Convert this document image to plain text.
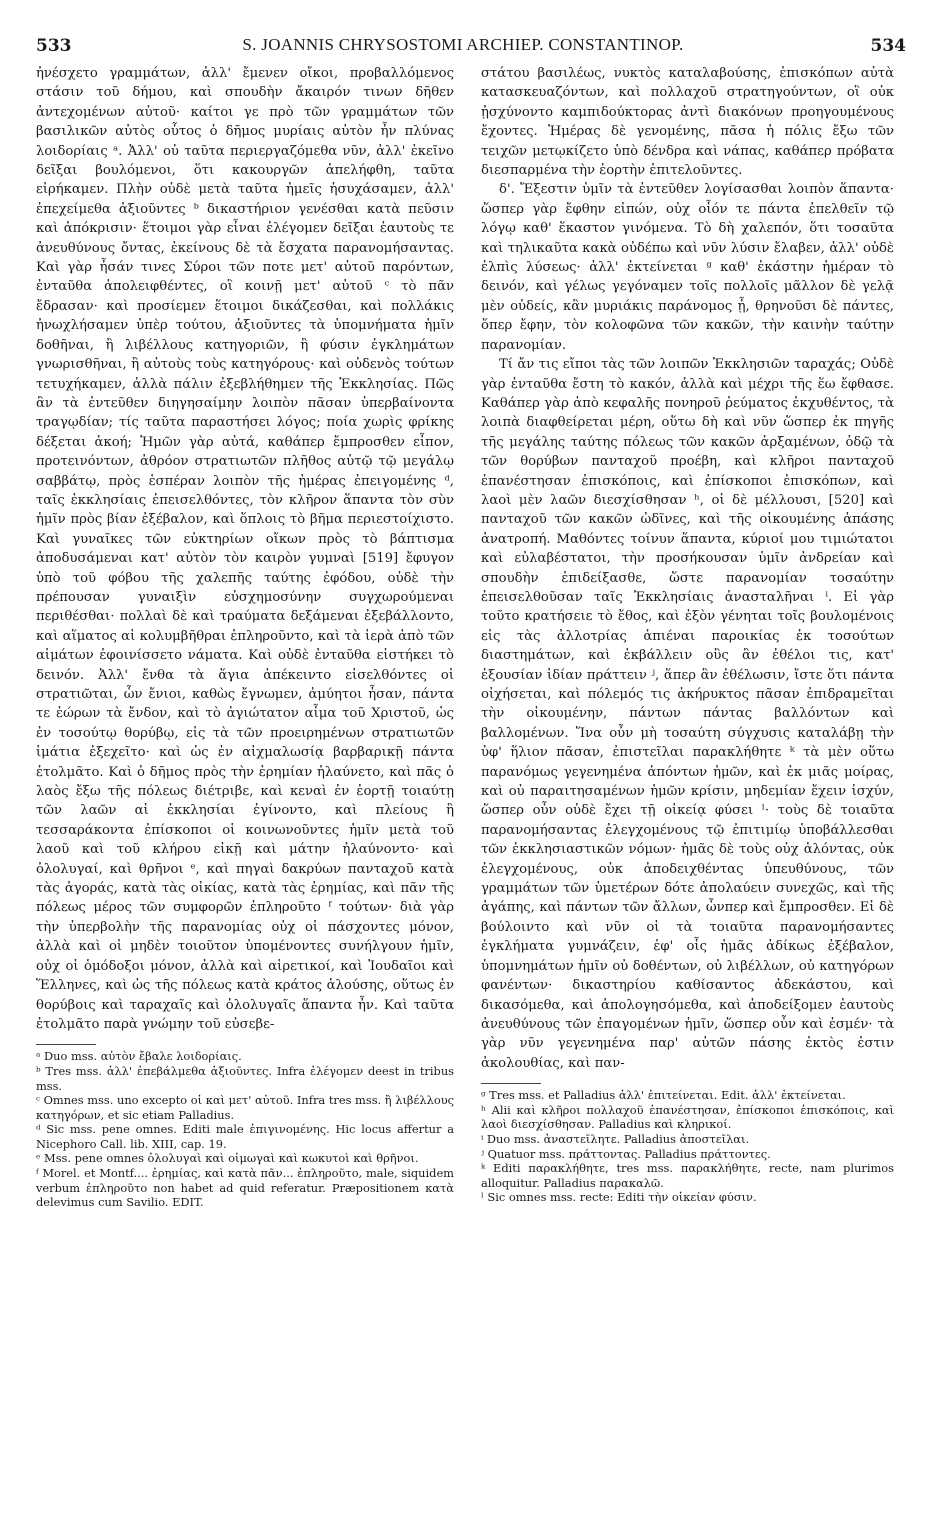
533	S. JOANNIS CHRYSOSTOMI ARCHIEP. CONSTANTINOP.	534

ἠνέσχετο γραμμάτων, ἀλλ' ἔμενεν οἴκοι, προβαλλόμενος στάσιν τοῦ δήμου, καὶ σπουδὴν ἄκαιρόν τινων δῆθεν ἀντεχομένων αὐτοῦ· καίτοι γε πρὸ τῶν γραμμάτων τῶν βασιλικῶν αὐτὸς οὗτος ὁ δῆμος μυρίαις αὐτὸν ἦν πλύνας λοιδορίαις ᵃ. Ἀλλ' οὐ ταῦτα περιεργαζόμεθα νῦν, ἀλλ' ἐκεῖνο δεῖξαι βουλόμενοι, ὅτι κακουργῶν ἀπελήφθη, ταῦτα εἰρήκαμεν. Πλὴν οὐδὲ μετὰ ταῦτα ἡμεῖς ἡσυχάσαμεν, ἀλλ' ἐπεχείμεθα ἀξιοῦντες ᵇ δικαστήριον γενέσθαι κατὰ πεῦσιν καὶ ἀπόκρισιν· ἕτοιμοι γὰρ εἶναι ἐλέγομεν δεῖξαι ἑαυτοὺς τε ἀνευθύνους ὄντας, ἐκείνους δὲ τὰ ἔσχατα παρανομήσαντας. Καὶ γὰρ ἦσάν τινες Σύροι τῶν ποτε μετ' αὐτοῦ παρόντων, ἐνταῦθα ἀπολειφθέντες, οἳ κοινῇ μετ' αὐτοῦ ᶜ τὸ πᾶν ἔδρασαν· καὶ προσίεμεν ἕτοιμοι δικάζεσθαι, καὶ πολλάκις ἠνωχλήσαμεν ὑπὲρ τούτου, ἀξιοῦντες τὰ ὑπομνήματα ἡμῖν δοθῆναι, ἢ λιβέλλους κατηγοριῶν, ἢ φύσιν ἐγκλημάτων γνωρισθῆναι, ἢ αὐτοὺς τοὺς κατηγόρους· καὶ οὐδενὸς τούτων τετυχήκαμεν, ἀλλὰ πάλιν ἐξεβλήθημεν τῆς Ἐκκλησίας. Πῶς ἂν τὰ ἐντεῦθεν διηγησαίμην λοιπὸν πᾶσαν ὑπερβαίνοντα τραγῳδίαν; τίς ταῦτα παραστήσει λόγος; ποία χωρὶς φρίκης δέξεται ἀκοή; Ἡμῶν γὰρ αὐτά, καθάπερ ἔμπροσθεν εἶπον, προτεινόντων, ἀθρόον στρατιωτῶν πλῆθος αὐτῷ τῷ μεγάλῳ σαββάτῳ, πρὸς ἑσπέραν λοιπὸν τῆς ἡμέρας ἐπειγομένης ᵈ, ταῖς ἐκκλησίαις ἐπεισελθόντες, τὸν κλῆρον ἅπαντα τὸν σὺν ἡμῖν πρὸς βίαν ἐξέβαλον, καὶ ὅπλοις τὸ βῆμα περιεστοίχιστο. Καὶ γυναῖκες τῶν εὐκτηρίων οἴκων πρὸς τὸ βάπτισμα ἀποδυσάμεναι κατ' αὐτὸν τὸν καιρὸν γυμναὶ [519] ἔφυγον ὑπὸ τοῦ φόβου τῆς χαλεπῆς ταύτης ἐφόδου, οὐδὲ τὴν πρέπουσαν γυναιξὶν εὐσχημοσύνην συγχωρούμεναι περιθέσθαι· πολλαὶ δὲ καὶ τραύματα δεξάμεναι ἐξεβάλλοντο, καὶ αἵματος αἱ κολυμβῆθραι ἐπληροῦντο, καὶ τὰ ἱερὰ ἀπὸ τῶν αἱμάτων ἐφοινίσσετο νάματα. Καὶ οὐδὲ ἐνταῦθα εἱστήκει τὸ δεινόν. Ἀλλ' ἔνθα τὰ ἅγια ἀπέκειντο εἰσελθόντες οἱ στρατιῶται, ὧν ἔνιοι, καθὼς ἔγνωμεν, ἀμύητοι ἦσαν, πάντα τε ἑώρων τὰ ἔνδον, καὶ τὸ ἁγιώτατον αἷμα τοῦ Χριστοῦ, ὡς ἐν τοσούτῳ θορύβῳ, εἰς τὰ τῶν προειρημένων στρατιωτῶν ἱμάτια ἐξεχεῖτο· καὶ ὡς ἐν αἰχμαλωσίᾳ βαρβαρικῇ πάντα ἐτολμᾶτο. Καὶ ὁ δῆμος πρὸς τὴν ἐρημίαν ἠλαύνετο, καὶ πᾶς ὁ λαὸς ἔξω τῆς πόλεως διέτριβε, καὶ κεναὶ ἐν ἑορτῇ τοιαύτῃ τῶν λαῶν αἱ ἐκκλησίαι ἐγίνοντο, καὶ πλείους ἢ τεσσαράκοντα ἐπίσκοποι οἱ κοινωνοῦντες ἡμῖν μετὰ τοῦ λαοῦ καὶ τοῦ κλήρου εἰκῇ καὶ μάτην ἠλαύνοντο· καὶ ὀλολυγαί, καὶ θρῆνοι ᵉ, καὶ πηγαὶ δακρύων πανταχοῦ κατὰ τὰς ἀγοράς, κατὰ τὰς οἰκίας, κατὰ τὰς ἐρημίας, καὶ πᾶν τῆς πόλεως μέρος τῶν συμφορῶν ἐπληροῦτο ᶠ τούτων· διὰ γὰρ τὴν ὑπερβολὴν τῆς παρανομίας οὐχ οἱ πάσχοντες μόνον, ἀλλὰ καὶ οἱ μηδὲν τοιοῦτον ὑπομένοντες συνήλγουν ἡμῖν, οὐχ οἱ ὁμόδοξοι μόνον, ἀλλὰ καὶ αἱρετικοί, καὶ Ἰουδαῖοι καὶ Ἕλληνες, καὶ ὡς τῆς πόλεως κατὰ κράτος ἁλούσης, οὕτως ἐν θορύβοις καὶ ταραχαῖς καὶ ὀλολυγαῖς ἅπαντα ἦν. Καὶ ταῦτα ἐτολμᾶτο παρὰ γνώμην τοῦ εὐσεβε-

ᵃ Duo mss. αὐτὸν ἔβαλε λοιδορίαις.

ᵇ Tres mss. ἀλλ' ἐπεβάλμεθα ἀξιοῦντες. Infra ἐλέγομεν deest in tribus mss.

ᶜ Omnes mss. uno excepto οἱ καὶ μετ' αὐτοῦ. Infra tres mss. ἢ λιβέλλους κατηγόρων, et sic etiam Palladius.

ᵈ Sic mss. pene omnes. Editi male ἐπιγινομένης. Hic locus affertur a Nicephoro Call. lib. XIII, cap. 19.

ᵉ Mss. pene omnes ὀλολυγαὶ καὶ οἰμωγαὶ καὶ κωκυτοὶ καὶ θρῆνοι.

ᶠ Morel. et Montf.... ἐρημίας, καὶ κατὰ πᾶν... ἐπληροῦτο, male, siquidem verbum ἐπληροῦτο non habet ad quid referatur. Præpositionem κατὰ delevimus cum Savilio. EDIT.

στάτου βασιλέως, νυκτὸς καταλαβούσης, ἐπισκόπων αὐτὰ κατασκευαζόντων, καὶ πολλαχοῦ στρατηγούντων, οἳ οὐκ ᾐσχύνοντο καμπιδούκτορας ἀντὶ διακόνων προηγουμένους ἔχοντες. Ἡμέρας δὲ γενομένης, πᾶσα ἡ πόλις ἔξω τῶν τειχῶν μετῳκίζετο ὑπὸ δένδρα καὶ νάπας, καθάπερ πρόβατα διεσπαρμένα τὴν ἑορτὴν ἐπιτελοῦντες.

δ'. Ἔξεστιν ὑμῖν τὰ ἐντεῦθεν λογίσασθαι λοιπὸν ἅπαντα· ὥσπερ γὰρ ἔφθην εἰπών, οὐχ οἷόν τε πάντα ἐπελθεῖν τῷ λόγῳ καθ' ἕκαστον γινόμενα. Τὸ δὴ χαλεπόν, ὅτι τοσαῦτα καὶ τηλικαῦτα κακὰ οὐδέπω καὶ νῦν λύσιν ἔλαβεν, ἀλλ' οὐδὲ ἐλπὶς λύσεως· ἀλλ' ἐκτείνεται ᵍ καθ' ἑκάστην ἡμέραν τὸ δεινόν, καὶ γέλως γεγόναμεν τοῖς πολλοῖς μᾶλλον δὲ γελᾷ μὲν οὐδείς, κἂν μυριάκις παράνομος ᾖ, θρηνοῦσι δὲ πάντες, ὅπερ ἔφην, τὸν κολοφῶνα τῶν κακῶν, τὴν καινὴν ταύτην παρανομίαν.

Τί ἄν τις εἴποι τὰς τῶν λοιπῶν Ἐκκλησιῶν ταραχάς; Οὐδὲ γὰρ ἐνταῦθα ἔστη τὸ κακόν, ἀλλὰ καὶ μέχρι τῆς ἕω ἔφθασε. Καθάπερ γὰρ ἀπὸ κεφαλῆς πονηροῦ ῥεύματος ἐκχυθέντος, τὰ λοιπὰ διαφθείρεται μέρη, οὕτω δὴ καὶ νῦν ὥσπερ ἐκ πηγῆς τῆς μεγάλης ταύτης πόλεως τῶν κακῶν ἀρξαμένων, ὁδῷ τὰ τῶν θορύβων πανταχοῦ προέβη, καὶ κλῆροι πανταχοῦ ἐπανέστησαν ἐπισκόποις, καὶ ἐπίσκοποι ἐπισκόπων, καὶ λαοὶ μὲν λαῶν διεσχίσθησαν ʰ, οἱ δὲ μέλλουσι, [520] καὶ πανταχοῦ τῶν κακῶν ὠδῖνες, καὶ τῆς οἰκουμένης ἁπάσης ἀνατροπή. Μαθόντες τοίνυν ἅπαντα, κύριοί μου τιμιώτατοι καὶ εὐλαβέστατοι, τὴν προσήκουσαν ὑμῖν ἀνδρείαν καὶ σπουδὴν ἐπιδείξασθε, ὥστε παρανομίαν τοσαύτην ἐπεισελθοῦσαν ταῖς Ἐκκλησίαις ἀνασταλῆναι ⁱ. Εἰ γὰρ τοῦτο κρατήσειε τὸ ἔθος, καὶ ἐξὸν γένηται τοῖς βουλομένοις εἰς τὰς ἀλλοτρίας ἀπιέναι παροικίας ἐκ τοσούτων διαστημάτων, καὶ ἐκβάλλειν οὓς ἂν ἐθέλοι τις, κατ' ἐξουσίαν ἰδίαν πράττειν ʲ, ἅπερ ἂν ἐθέλωσιν, ἴστε ὅτι πάντα οἰχήσεται, καὶ πόλεμός τις ἀκήρυκτος πᾶσαν ἐπιδραμεῖται τὴν οἰκουμένην, πάντων πάντας βαλλόντων καὶ βαλλομένων. Ἵνα οὖν μὴ τοσαύτη σύγχυσις καταλάβῃ τὴν ὑφ' ἥλιον πᾶσαν, ἐπιστεῖλαι παρακλήθητε ᵏ τὰ μὲν οὕτω παρανόμως γεγενημένα ἀπόντων ἡμῶν, καὶ ἐκ μιᾶς μοίρας, καὶ οὐ παραιτησαμένων ἡμῶν κρίσιν, μηδεμίαν ἔχειν ἰσχύν, ὥσπερ οὖν οὐδὲ ἔχει τῇ οἰκείᾳ φύσει ˡ· τοὺς δὲ τοιαῦτα παρανομήσαντας ἐλεγχομένους τῷ ἐπιτιμίῳ ὑποβάλλεσθαι τῶν ἐκκλησιαστικῶν νόμων· ἡμᾶς δὲ τοὺς οὐχ ἁλόντας, οὐκ ἐλεγχομένους, οὐκ ἀποδειχθέντας ὑπευθύνους, τῶν γραμμάτων τῶν ὑμετέρων δότε ἀπολαύειν συνεχῶς, καὶ τῆς ἀγάπης, καὶ πάντων τῶν ἄλλων, ὧνπερ καὶ ἔμπροσθεν. Εἰ δὲ βούλοιντο καὶ νῦν οἱ τὰ τοιαῦτα παρανομήσαντες ἐγκλήματα γυμνάζειν, ἐφ' οἷς ἡμᾶς ἀδίκως ἐξέβαλον, ὑπομνημάτων ἡμῖν οὐ δοθέντων, οὐ λιβέλλων, οὐ κατηγόρων φανέντων· δικαστηρίου καθίσαντος ἀδεκάστου, καὶ δικασόμεθα, καὶ ἀπολογησόμεθα, καὶ ἀποδείξομεν ἑαυτοὺς ἀνευθύνους τῶν ἐπαγομένων ἡμῖν, ὥσπερ οὖν καὶ ἐσμέν· τὰ γὰρ νῦν γεγενημένα παρ' αὐτῶν πάσης ἐκτὸς ἐστιν ἀκολουθίας, καὶ παν-

ᵍ Tres mss. et Palladius ἀλλ' ἐπιτείνεται. Edit. ἀλλ' ἐκτείνεται.

ʰ Alii καὶ κλῆροι πολλαχοῦ ἐπανέστησαν, ἐπίσκοποι ἐπισκόποις, καὶ λαοὶ διεσχίσθησαν. Palladius καὶ κληρικοί.

ⁱ Duo mss. ἀναστεῖλητε. Palladius ἀποστεῖλαι.

ʲ Quatuor mss. πράττοντας. Palladius πράττοντες.

ᵏ Editi παρακλήθητε, tres mss. παρακλήθητε, recte, nam plurimos alloquitur. Palladius παρακαλῶ.

ˡ Sic omnes mss. recte: Editi τὴν οἰκείαν φύσιν.
